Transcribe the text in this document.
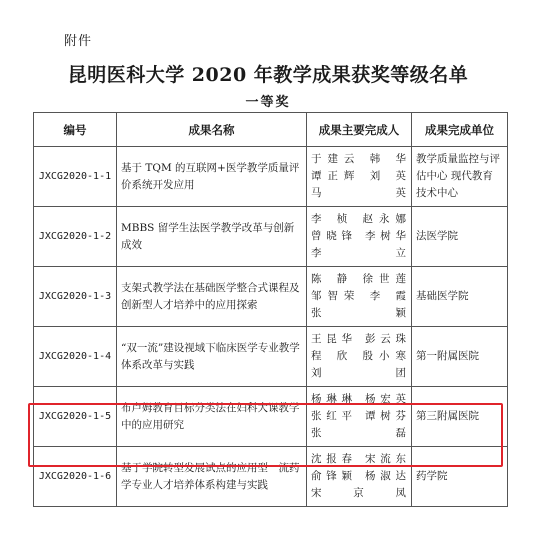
附件
昆明医科大学 2020 年教学成果获奖等级名单
一等奖
编号	成果名称	成果主要完成人	成果完成单位
JXCG2020-1-1	基于 TQM 的互联网+医学教学质量评价系统开发应用	于建云 韩 华
谭正辉 刘 英
马 英	教学质量监控与评估中心 现代教育技术中心
JXCG2020-1-2	MBBS 留学生法医学教学改革与创新成效	李 桢 赵永娜
曾晓锋 李树华
李 立	法医学院
JXCG2020-1-3	支架式教学法在基础医学整合式课程及创新型人才培养中的应用探索	陈 静 徐世莲
邹智荣 李 霞
张 颖	基础医学院
JXCG2020-1-4	“双一流”建设视域下临床医学专业教学体系改革与实践	王昆华 彭云珠
程 欣 殷小寒
刘 团	第一附属医院
JXCG2020-1-5	布卢姆教育目标分类法在妇科大课教学中的应用研究	杨琳琳 杨宏英
张红平 谭树芬
张 磊	第三附属医院
JXCG2020-1-6	基于学院转型发展试点的应用型一流药学专业人才培养体系构建与实践	沈报春 宋流东
俞锋颖 杨淑达
宋京凤	药学院
